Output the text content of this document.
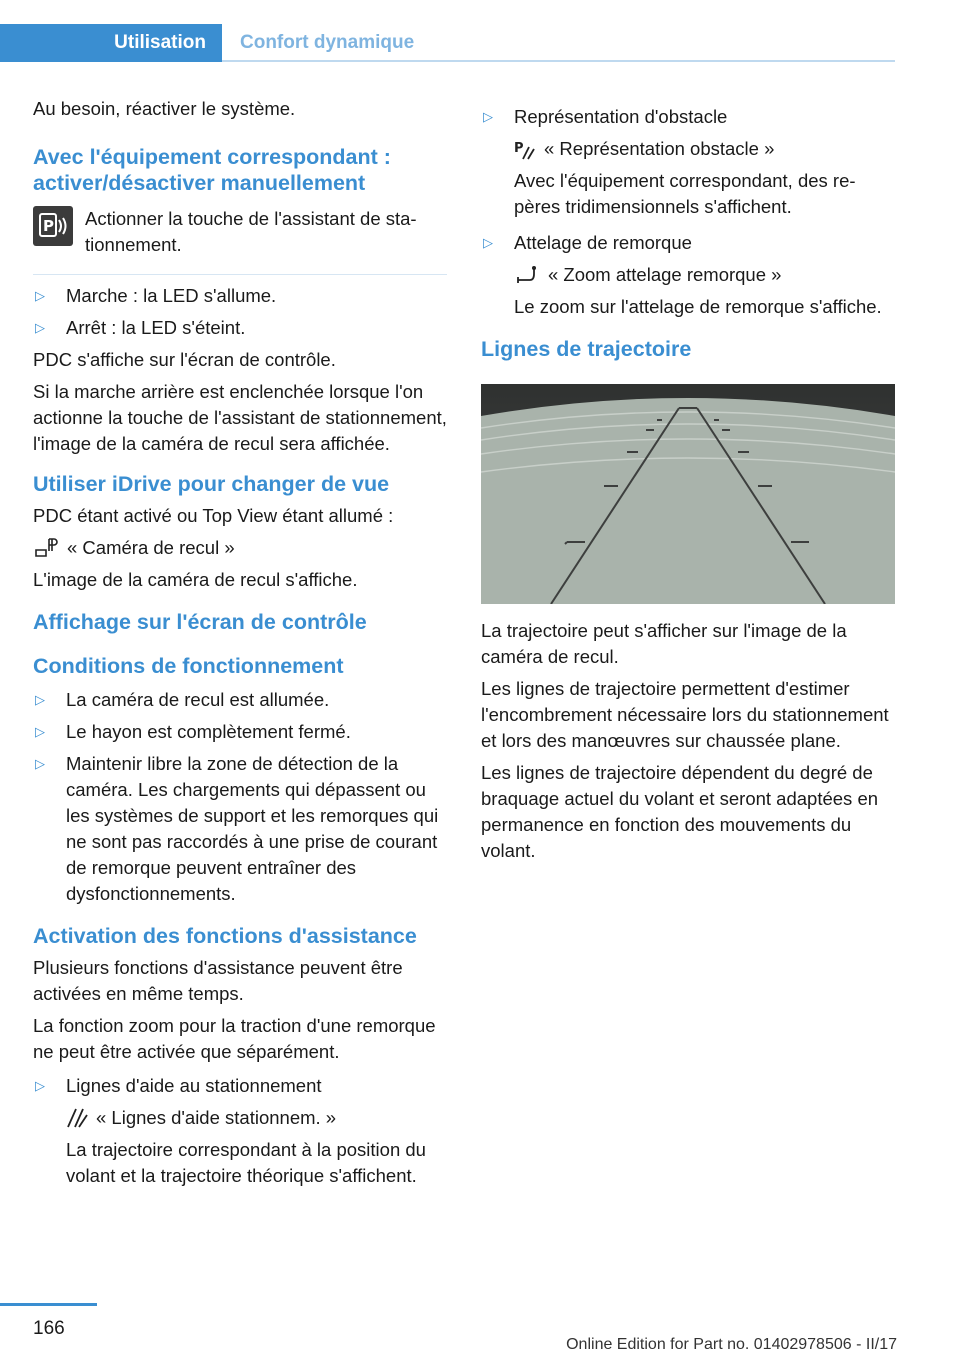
Utilisation	Confort dynamique

Au besoin, réactiver le système.

Avec l'équipement correspondant : activer/désactiver manuellement
P Actionner la touche de l'assistant de stationnement.
▷ Marche : la LED s'allume.
▷ Arrêt : la LED s'éteint.

PDC s'affiche sur l'écran de contrôle.

Si la marche arrière est enclenchée lorsque l'on actionne la touche de l'assistant de stationnement, l'image de la caméra de recul sera affichée.

Utiliser iDrive pour changer de vue

PDC étant activé ou Top View étant allumé :

« Caméra de recul »

L'image de la caméra de recul s'affiche.

Affichage sur l'écran de contrôle
Conditions de fonctionnement
▷ La caméra de recul est allumée.
▷ Le hayon est complètement fermé.
▷ Maintenir libre la zone de détection de la caméra. Les chargements qui dépassent ou les systèmes de support et les remorques qui ne sont pas raccordés à une prise de courant de remorque peuvent entraîner des dysfonctionnements.
Activation des fonctions d'assistance

Plusieurs fonctions d'assistance peuvent être activées en même temps.

La fonction zoom pour la traction d'une remorque ne peut être activée que séparément.

▷ Lignes d'aide au stationnement
« Lignes d'aide stationnem. »
La trajectoire correspondant à la position du volant et la trajectoire théorique s'affichent.
▷ Représentation d'obstacle
P « Représentation obstacle »
Avec l'équipement correspondant, des repères tridimensionnels s'affichent.
▷ Attelage de remorque
« Zoom attelage remorque »
Le zoom sur l'attelage de remorque s'affiche.
Lignes de trajectoire

La trajectoire peut s'afficher sur l'image de la caméra de recul.

Les lignes de trajectoire permettent d'estimer l'encombrement nécessaire lors du stationnement et lors des manœuvres sur chaussée plane.

Les lignes de trajectoire dépendent du degré de braquage actuel du volant et seront adaptées en permanence en fonction des mouvements du volant.

166
Online Edition for Part no. 01402978506 - II/17
